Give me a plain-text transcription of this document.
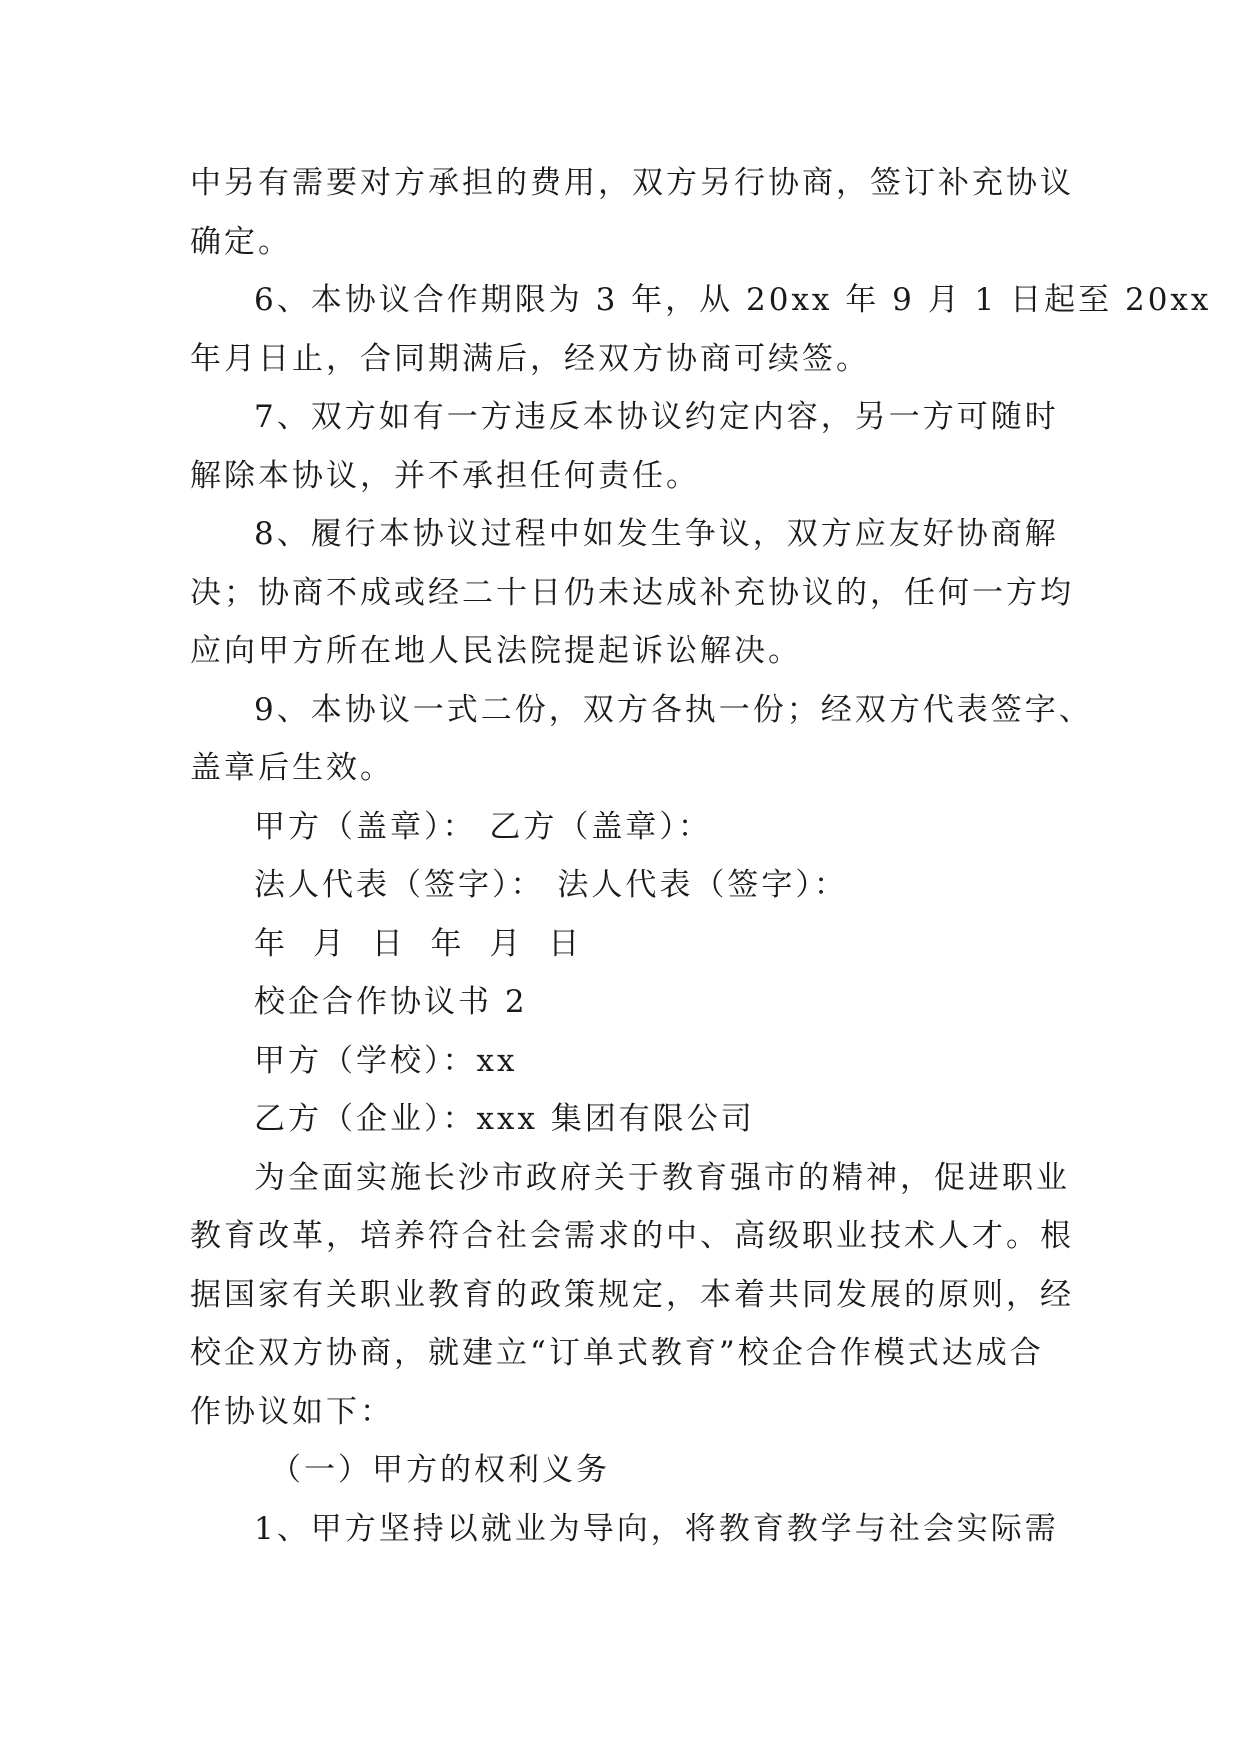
中另有需要对方承担的费用，双方另行协商，签订补充协议
确定。
6、本协议合作期限为 3 年，从 20xx 年 9 月 1 日起至 20xx
年月日止，合同期满后，经双方协商可续签。
7、双方如有一方违反本协议约定内容，另一方可随时
解除本协议，并不承担任何责任。
8、履行本协议过程中如发生争议，双方应友好协商解
决；协商不成或经二十日仍未达成补充协议的，任何一方均
应向甲方所在地人民法院提起诉讼解决。
9、本协议一式二份，双方各执一份；经双方代表签字、
盖章后生效。
甲方（盖章）： 乙方（盖章）：
法人代表（签字）： 法人代表（签字）：
年 月 日 年 月 日
校企合作协议书 2
甲方（学校）：xx
乙方（企业）：xxx 集团有限公司
为全面实施长沙市政府关于教育强市的精神，促进职业
教育改革，培养符合社会需求的中、高级职业技术人才。根
据国家有关职业教育的政策规定，本着共同发展的原则，经
校企双方协商，就建立“订单式教育”校企合作模式达成合
作协议如下：
（一）甲方的权利义务
1、甲方坚持以就业为导向，将教育教学与社会实际需
